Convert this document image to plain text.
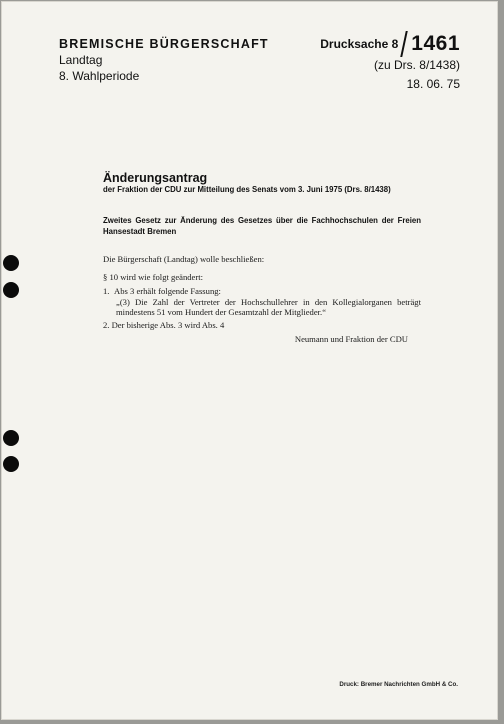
BREMISCHE BÜRGERSCHAFT
Landtag
8. Wahlperiode
Drucksache 8 1461
(zu Drs. 8/1438)
18. 06. 75
Änderungsantrag
der Fraktion der CDU zur Mitteilung des Senats vom 3. Juni 1975 (Drs. 8/1438)
Zweites Gesetz zur Änderung des Gesetzes über die Fachhochschulen der Freien Hansestadt Bremen
Die Bürgerschaft (Landtag) wolle beschließen:
§ 10 wird wie folgt geändert:
1. Abs 3 erhält folgende Fassung:
„(3) Die Zahl der Vertreter der Hochschullehrer in den Kollegialorganen beträgt mindestens 51 vom Hundert der Gesamtzahl der Mitglieder.“
2. Der bisherige Abs. 3 wird Abs. 4
Neumann und Fraktion der CDU
Druck: Bremer Nachrichten GmbH & Co.
